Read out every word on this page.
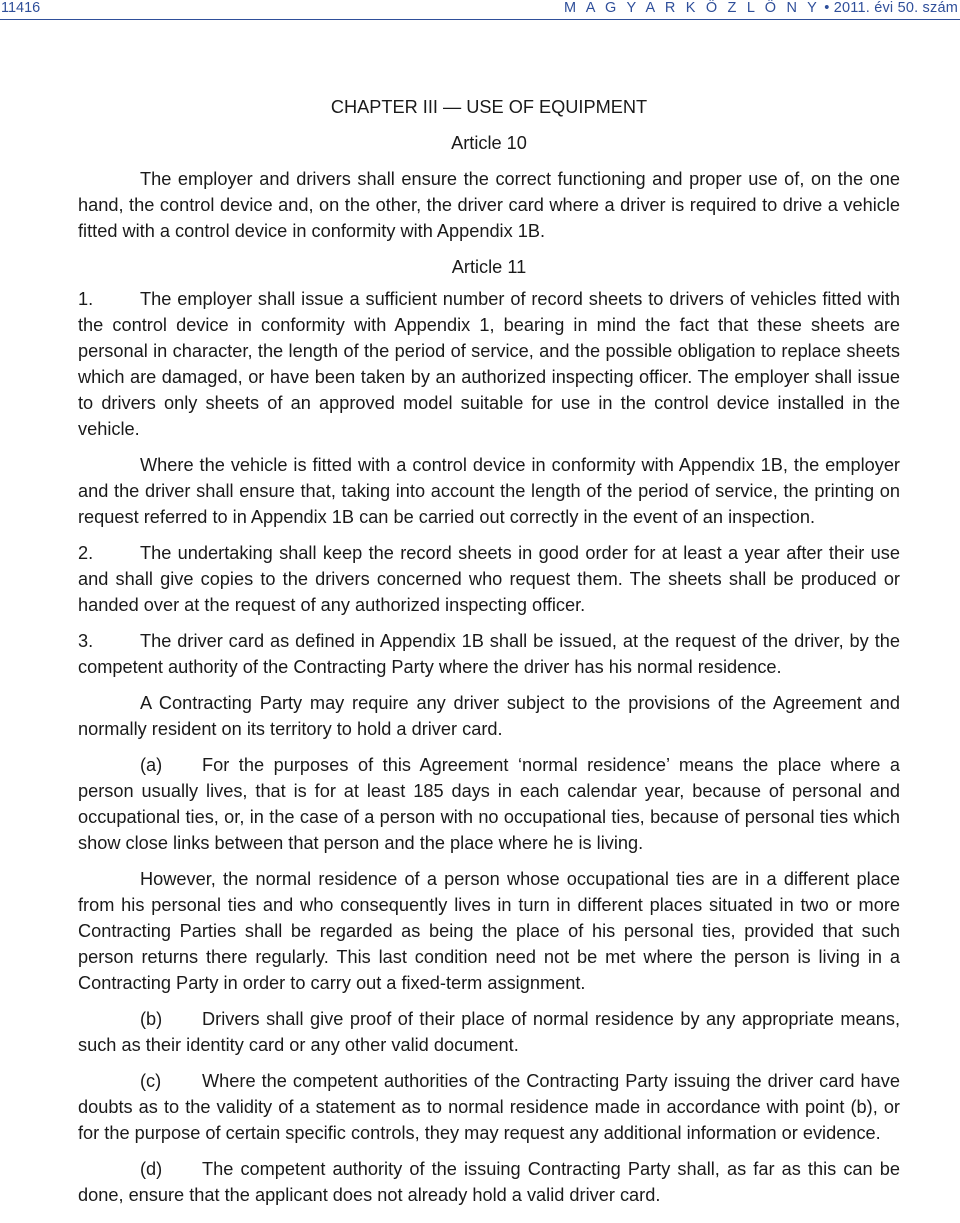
11416	M A G Y A R K Ö Z L Ö N Y • 2011. évi 50. szám
CHAPTER III — USE OF EQUIPMENT
Article 10

The employer and drivers shall ensure the correct functioning and proper use of, on the one hand, the control device and, on the other, the driver card where a driver is required to drive a vehicle fitted with a control device in conformity with Appendix 1B.

Article 11

1.	The employer shall issue a sufficient number of record sheets to drivers of vehicles fitted with the control device in conformity with Appendix 1, bearing in mind the fact that these sheets are personal in character, the length of the period of service, and the possible obligation to replace sheets which are damaged, or have been taken by an authorized inspecting officer. The employer shall issue to drivers only sheets of an approved model suitable for use in the control device installed in the vehicle.

Where the vehicle is fitted with a control device in conformity with Appendix 1B, the employer and the driver shall ensure that, taking into account the length of the period of service, the printing on request referred to in Appendix 1B can be carried out correctly in the event of an inspection.

2.	The undertaking shall keep the record sheets in good order for at least a year after their use and shall give copies to the drivers concerned who request them. The sheets shall be produced or handed over at the request of any authorized inspecting officer.

3.	The driver card as defined in Appendix 1B shall be issued, at the request of the driver, by the competent authority of the Contracting Party where the driver has his normal residence.

A Contracting Party may require any driver subject to the provisions of the Agreement and normally resident on its territory to hold a driver card.

(a) For the purposes of this Agreement ‘normal residence’ means the place where a person usually lives, that is for at least 185 days in each calendar year, because of personal and occupational ties, or, in the case of a person with no occupational ties, because of personal ties which show close links between that person and the place where he is living.

However, the normal residence of a person whose occupational ties are in a different place from his personal ties and who consequently lives in turn in different places situated in two or more Contracting Parties shall be regarded as being the place of his personal ties, provided that such person returns there regularly. This last condition need not be met where the person is living in a Contracting Party in order to carry out a fixed-term assignment.

(b) Drivers shall give proof of their place of normal residence by any appropriate means, such as their identity card or any other valid document.

(c) Where the competent authorities of the Contracting Party issuing the driver card have doubts as to the validity of a statement as to normal residence made in accordance with point (b), or for the purpose of certain specific controls, they may request any additional information or evidence.

(d) The competent authority of the issuing Contracting Party shall, as far as this can be done, ensure that the applicant does not already hold a valid driver card.
